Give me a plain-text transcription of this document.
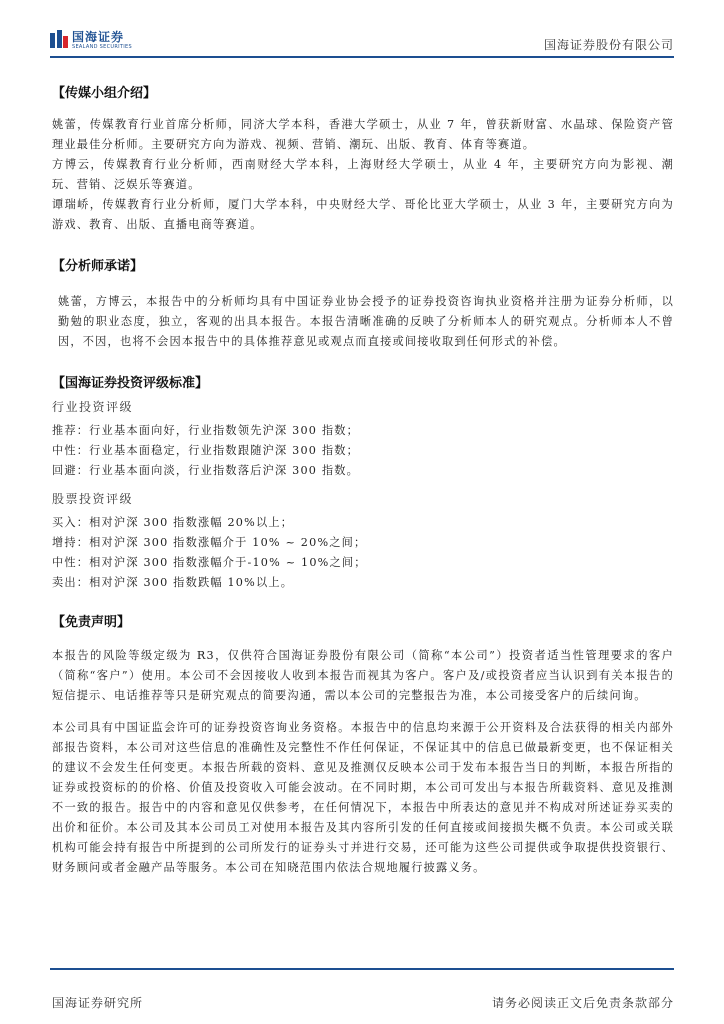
国海证券
SEALAND SECURITIES	国海证券股份有限公司
【传媒小组介绍】

姚蕾，传媒教育行业首席分析师，同济大学本科，香港大学硕士，从业 7 年，曾获新财富、水晶球、保险资产管理业最佳分析师。主要研究方向为游戏、视频、营销、潮玩、出版、教育、体育等赛道。

方博云，传媒教育行业分析师，西南财经大学本科，上海财经大学硕士，从业 4 年，主要研究方向为影视、潮玩、营销、泛娱乐等赛道。

谭瑞峤，传媒教育行业分析师，厦门大学本科，中央财经大学、哥伦比亚大学硕士，从业 3 年，主要研究方向为游戏、教育、出版、直播电商等赛道。

【分析师承诺】

姚蕾，方博云，本报告中的分析师均具有中国证券业协会授予的证券投资咨询执业资格并注册为证券分析师，以勤勉的职业态度，独立，客观的出具本报告。本报告清晰准确的反映了分析师本人的研究观点。分析师本人不曾因，不因，也将不会因本报告中的具体推荐意见或观点而直接或间接收取到任何形式的补偿。

【国海证券投资评级标准】
行业投资评级

推荐：行业基本面向好，行业指数领先沪深 300 指数；

中性：行业基本面稳定，行业指数跟随沪深 300 指数；

回避：行业基本面向淡，行业指数落后沪深 300 指数。

股票投资评级

买入：相对沪深 300 指数涨幅 20%以上；

增持：相对沪深 300 指数涨幅介于 10% ~ 20%之间；

中性：相对沪深 300 指数涨幅介于-10% ~ 10%之间；

卖出：相对沪深 300 指数跌幅 10%以上。

【免责声明】

本报告的风险等级定级为 R3，仅供符合国海证券股份有限公司（简称“本公司”）投资者适当性管理要求的客户（简称“客户”）使用。本公司不会因接收人收到本报告而视其为客户。客户及/或投资者应当认识到有关本报告的短信提示、电话推荐等只是研究观点的简要沟通，需以本公司的完整报告为准，本公司接受客户的后续问询。

本公司具有中国证监会许可的证券投资咨询业务资格。本报告中的信息均来源于公开资料及合法获得的相关内部外部报告资料，本公司对这些信息的准确性及完整性不作任何保证，不保证其中的信息已做最新变更，也不保证相关的建议不会发生任何变更。本报告所载的资料、意见及推测仅反映本公司于发布本报告当日的判断，本报告所指的证券或投资标的的价格、价值及投资收入可能会波动。在不同时期，本公司可发出与本报告所载资料、意见及推测不一致的报告。报告中的内容和意见仅供参考，在任何情况下，本报告中所表达的意见并不构成对所述证券买卖的出价和征价。本公司及其本公司员工对使用本报告及其内容所引发的任何直接或间接损失概不负责。本公司或关联机构可能会持有报告中所提到的公司所发行的证券头寸并进行交易，还可能为这些公司提供或争取提供投资银行、财务顾问或者金融产品等服务。本公司在知晓范围内依法合规地履行披露义务。

国海证券研究所	请务必阅读正文后免责条款部分
